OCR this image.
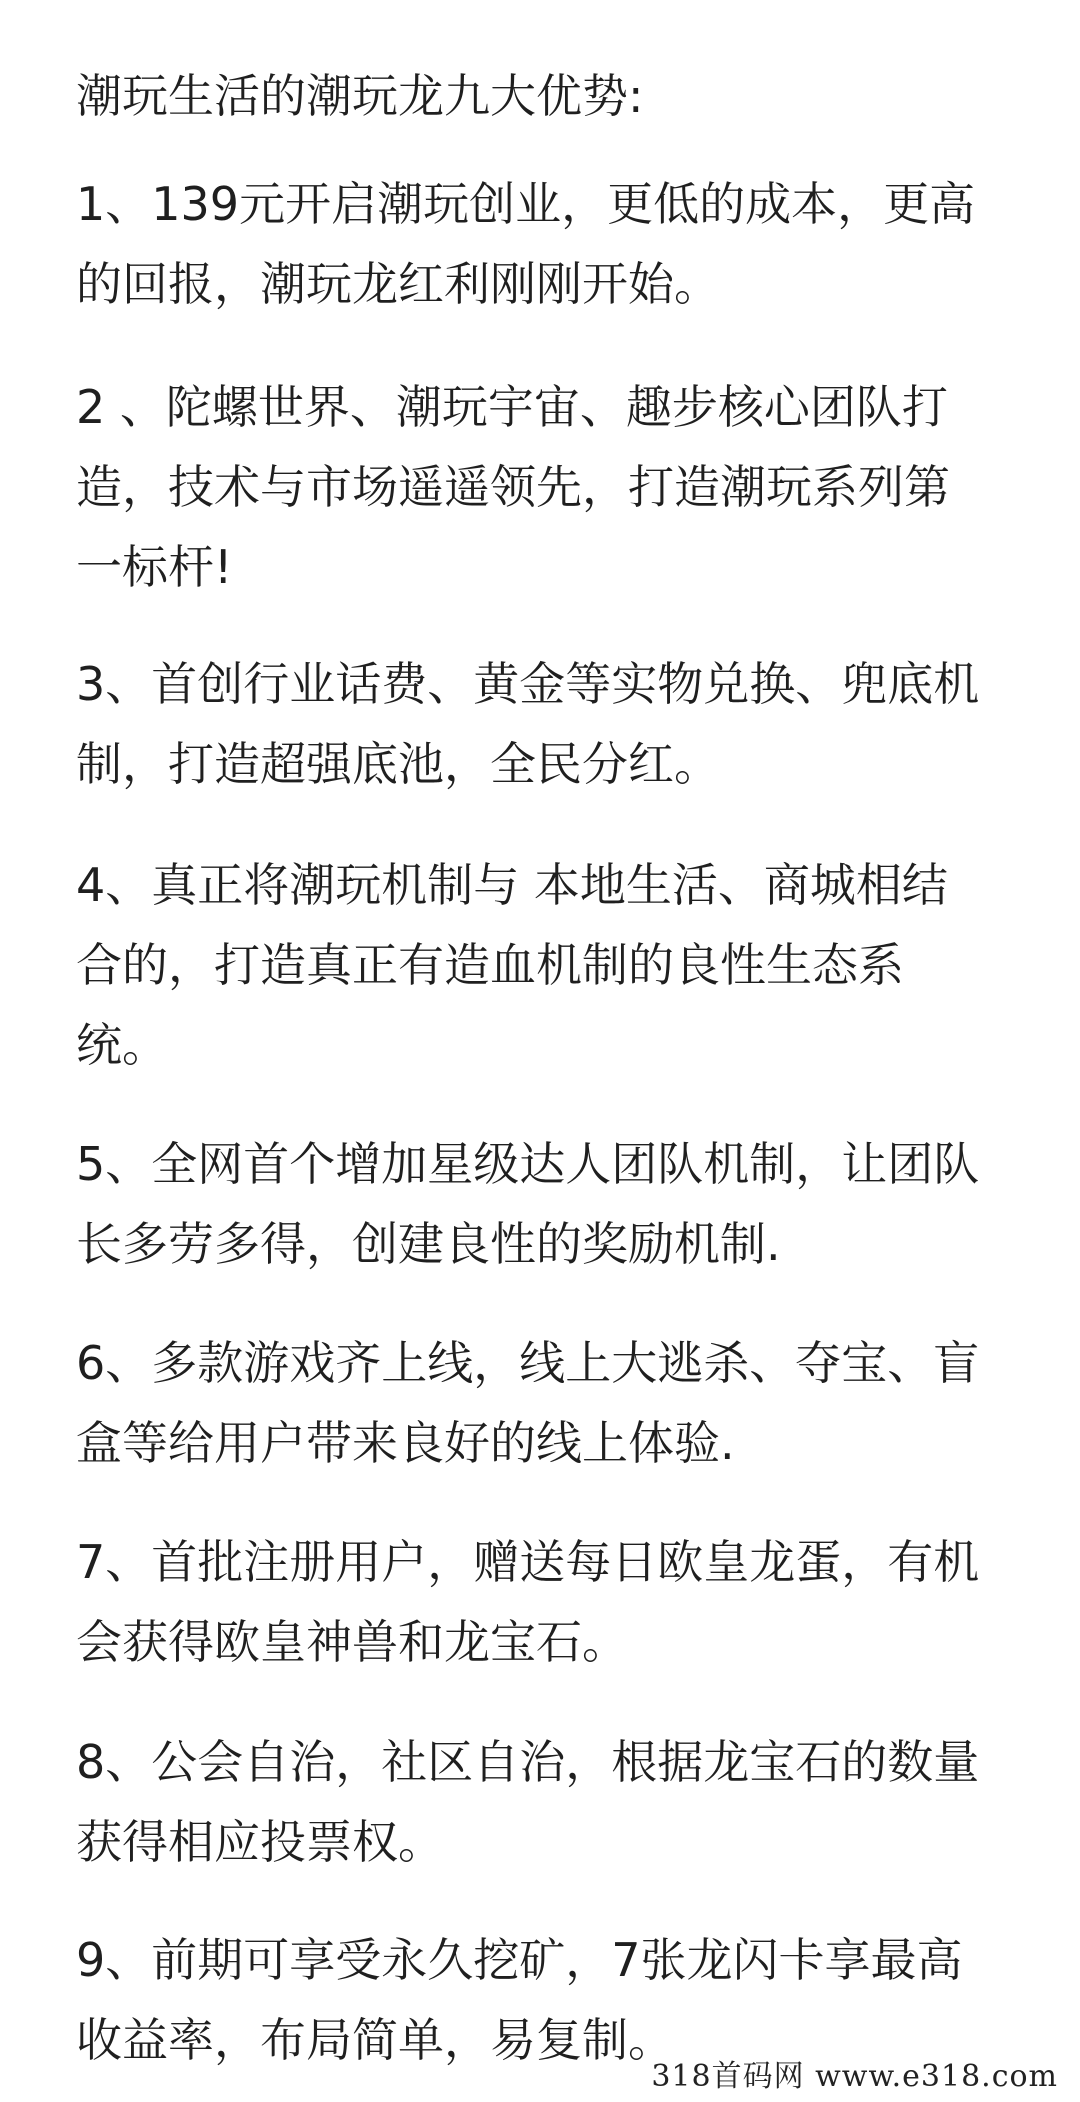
潮玩生活的潮玩龙九大优势:
1、139元开启潮玩创业，更低的成本，更高
的回报，潮玩龙红利刚刚开始。
2 、陀螺世界、潮玩宇宙、趣步核心团队打
造，技术与市场遥遥领先，打造潮玩系列第
一标杆!
3、首创行业话费、黄金等实物兑换、兜底机
制，打造超强底池，全民分红。
4、真正将潮玩机制与 本地生活、商城相结
合的，打造真正有造血机制的良性生态系
统。
5、全网首个增加星级达人团队机制，让团队
长多劳多得，创建良性的奖励机制.
6、多款游戏齐上线，线上大逃杀、夺宝、盲
盒等给用户带来良好的线上体验.
7、首批注册用户，赠送每日欧皇龙蛋，有机
会获得欧皇神兽和龙宝石。
8、公会自治，社区自治，根据龙宝石的数量
获得相应投票权。
9、前期可享受永久挖矿，7张龙闪卡享最高
收益率，布局简单，易复制。
318首码网 www.e318.com
